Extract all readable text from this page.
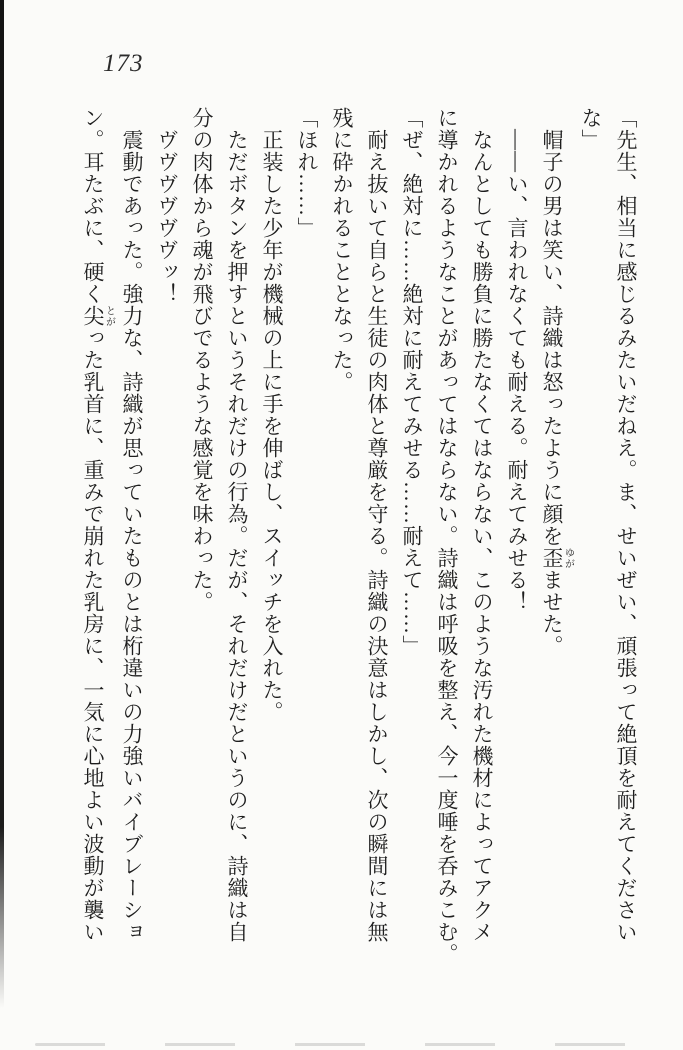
173

「先生、相当に感じるみたいだねえ。ま、せいぜい、頑張って絶頂を耐えてください

な」

　帽子の男は笑い、詩織は怒ったように顔を歪ゆがませた。

　――い、言われなくても耐える。耐えてみせる！

　なんとしても勝負に勝たなくてはならない、このような汚れた機材によってアクメ

に導かれるようなことがあってはならない。詩織は呼吸を整え、今一度唾を呑みこむ。

「ぜ、絶対に……絶対に耐えてみせる……耐えて……」

　耐え抜いて自らと生徒の肉体と尊厳を守る。詩織の決意はしかし、次の瞬間には無

残に砕かれることとなった。

「ほれ……」

　正装した少年が機械の上に手を伸ばし、スイッチを入れた。

　ただボタンを押すというそれだけの行為。だが、それだけだというのに、詩織は自

分の肉体から魂が飛びでるような感覚を味わった。

　ヴヴヴヴヴヴッ！

　震動であった。強力な、詩織が思っていたものとは桁違いの力強いバイブレーショ

ン。耳たぶに、硬く尖とがった乳首に、重みで崩れた乳房に、一気に心地よい波動が襲い
